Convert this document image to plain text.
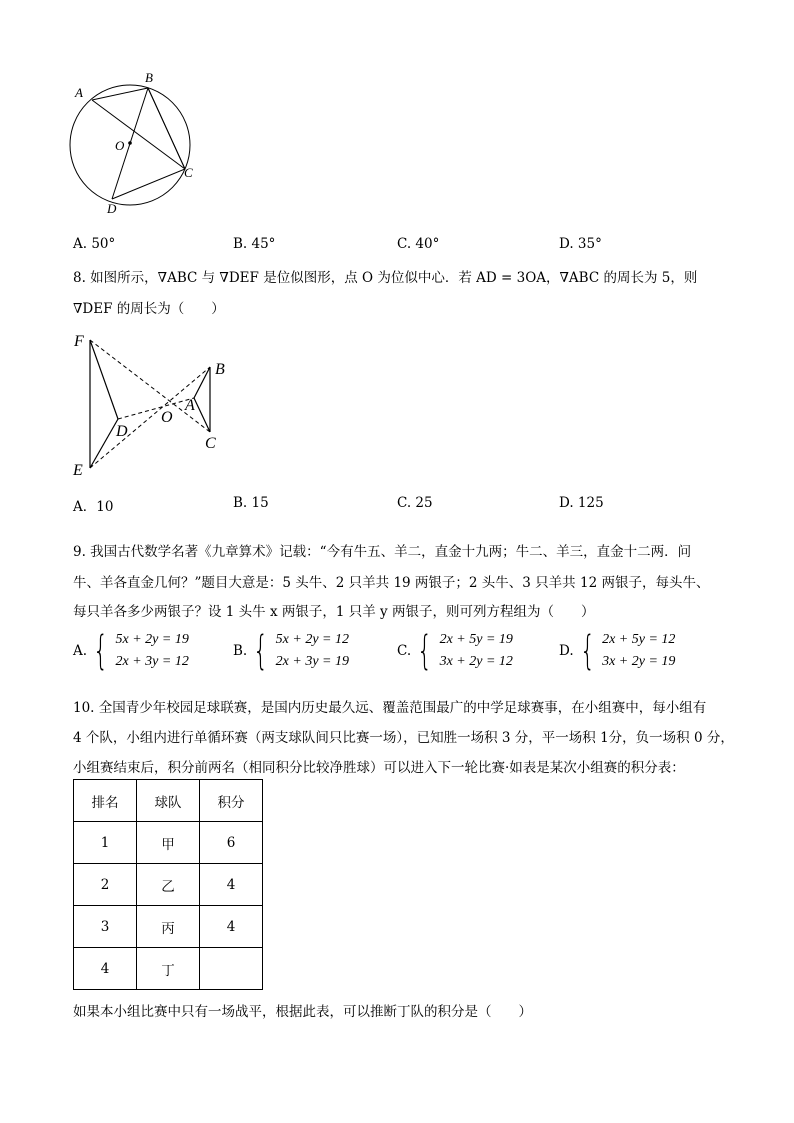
A
B
C
D
O
A. 50°	B. 45°	C. 40°	D. 35°
8. 如图所示，∇ABC 与 ∇DEF 是位似图形，点 O 为位似中心．若 AD = 3OA，∇ABC 的周长为 5，则
∇DEF 的周长为（　　）
F
E
D
O
A
B
C
A．10	B. 15	C. 25	D. 125
9. 我国古代数学名著《九章算术》记载：“今有牛五、羊二，直金十九两；牛二、羊三，直金十二两．问
牛、羊各直金几何？”题目大意是：5 头牛、2 只羊共 19 两银子；2 头牛、3 只羊共 12 两银子，每头牛、
每只羊各多少两银子？设 1 头牛 x 两银子，1 只羊 y 两银子，则可列方程组为（　　）
A. { 5x + 2y = 19
2x + 3y = 12
B. { 5x + 2y = 12
2x + 3y = 19
C. { 2x + 5y = 19
3x + 2y = 12
D. { 2x + 5y = 12
3x + 2y = 19
10. 全国青少年校园足球联赛，是国内历史最久远、覆盖范围最广的中学足球赛事，在小组赛中，每小组有
4 个队，小组内进行单循环赛（两支球队间只比赛一场），已知胜一场积 3 分，平一场积 1分，负一场积 0 分，
小组赛结束后，积分前两名（相同积分比较净胜球）可以进入下一轮比赛·如表是某次小组赛的积分表：
排名	球队	积分
1	甲	6
2	乙	4
3	丙	4
4	丁	
如果本小组比赛中只有一场战平，根据此表，可以推断丁队的积分是（　　）
